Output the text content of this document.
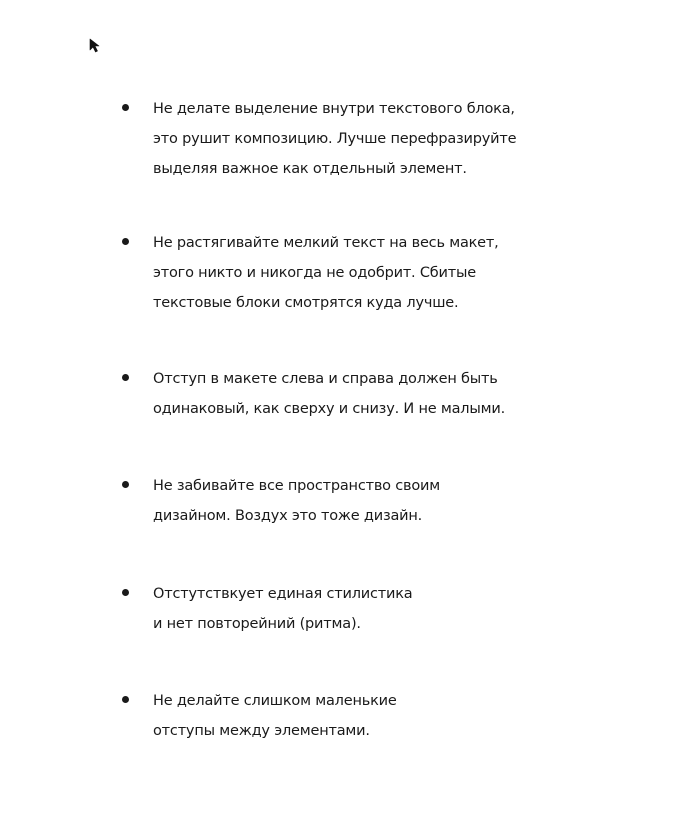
Не делате выделение внутри текстового блока,
это рушит композицию. Лучше перефразируйте
выделяя важное как отдельный элемент.
Не растягивайте мелкий текст на весь макет,
этого никто и никогда не одобрит. Сбитые
текстовые блоки смотрятся куда лучше.
Отступ в макете слева и справа должен быть
одинаковый, как сверху и снизу. И не малыми.
Не забивайте все пространство своим
дизайном. Воздух это тоже дизайн.
Отстутствкует единая стилистика
и нет повторейний (ритма).
Не делайте слишком маленькие
отступы между элементами.
